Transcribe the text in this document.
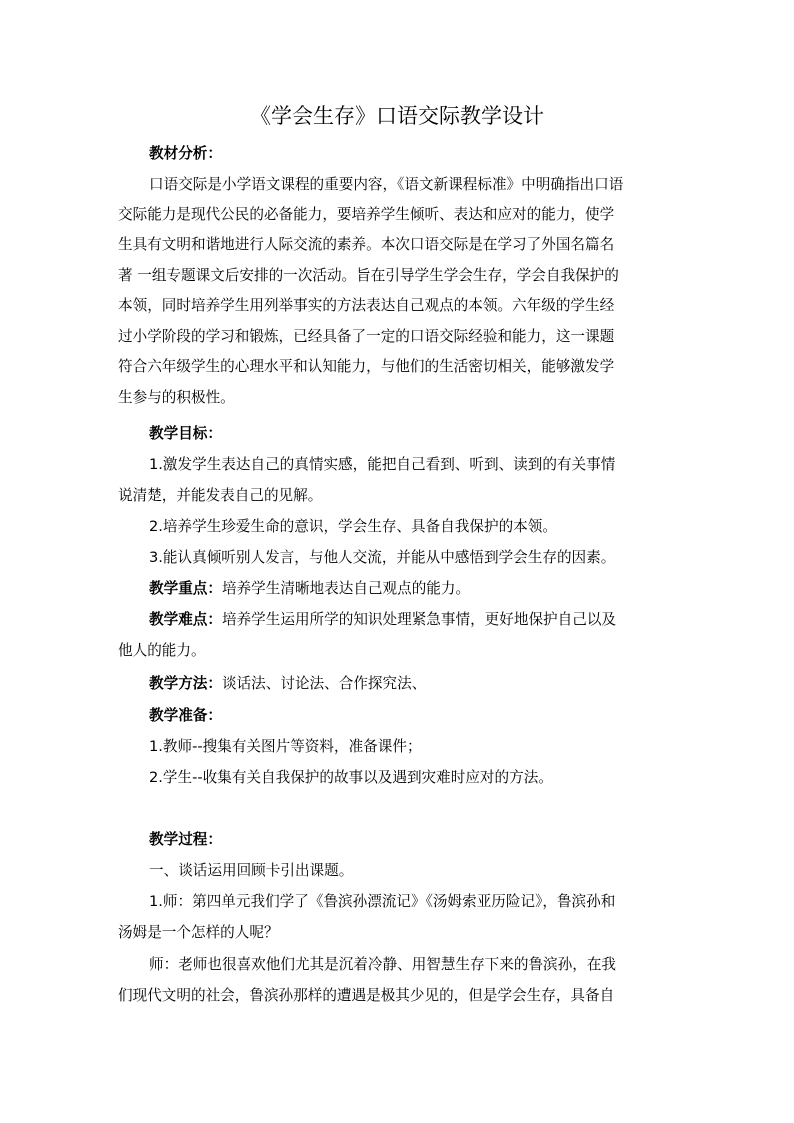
《学会生存》口语交际教学设计
教材分析：
口语交际是小学语文课程的重要内容，《语文新课程标准》中明确指出口语
交际能力是现代公民的必备能力，要培养学生倾听、表达和应对的能力，使学
生具有文明和谐地进行人际交流的素养。本次口语交际是在学习了外国名篇名
著 一组专题课文后安排的一次活动。旨在引导学生学会生存，学会自我保护的
本领，同时培养学生用列举事实的方法表达自己观点的本领。六年级的学生经
过小学阶段的学习和锻炼，已经具备了一定的口语交际经验和能力，这一课题
符合六年级学生的心理水平和认知能力，与他们的生活密切相关，能够激发学
生参与的积极性。
教学目标：
1.激发学生表达自己的真情实感，能把自己看到、听到、读到的有关事情
说清楚，并能发表自己的见解。
2.培养学生珍爱生命的意识，学会生存、具备自我保护的本领。
3.能认真倾听别人发言，与他人交流，并能从中感悟到学会生存的因素。
教学重点：培养学生清晰地表达自己观点的能力。
教学难点：培养学生运用所学的知识处理紧急事情，更好地保护自己以及
他人的能力。
教学方法：谈话法、讨论法、合作探究法、
教学准备：
1.教师--搜集有关图片等资料，准备课件；
2.学生--收集有关自我保护的故事以及遇到灾难时应对的方法。
教学过程：
一、谈话运用回顾卡引出课题。
1.师：第四单元我们学了《鲁滨孙漂流记》《汤姆索亚历险记》，鲁滨孙和
汤姆是一个怎样的人呢？
师：老师也很喜欢他们尤其是沉着冷静、用智慧生存下来的鲁滨孙，在我
们现代文明的社会，鲁滨孙那样的遭遇是极其少见的，但是学会生存，具备自
